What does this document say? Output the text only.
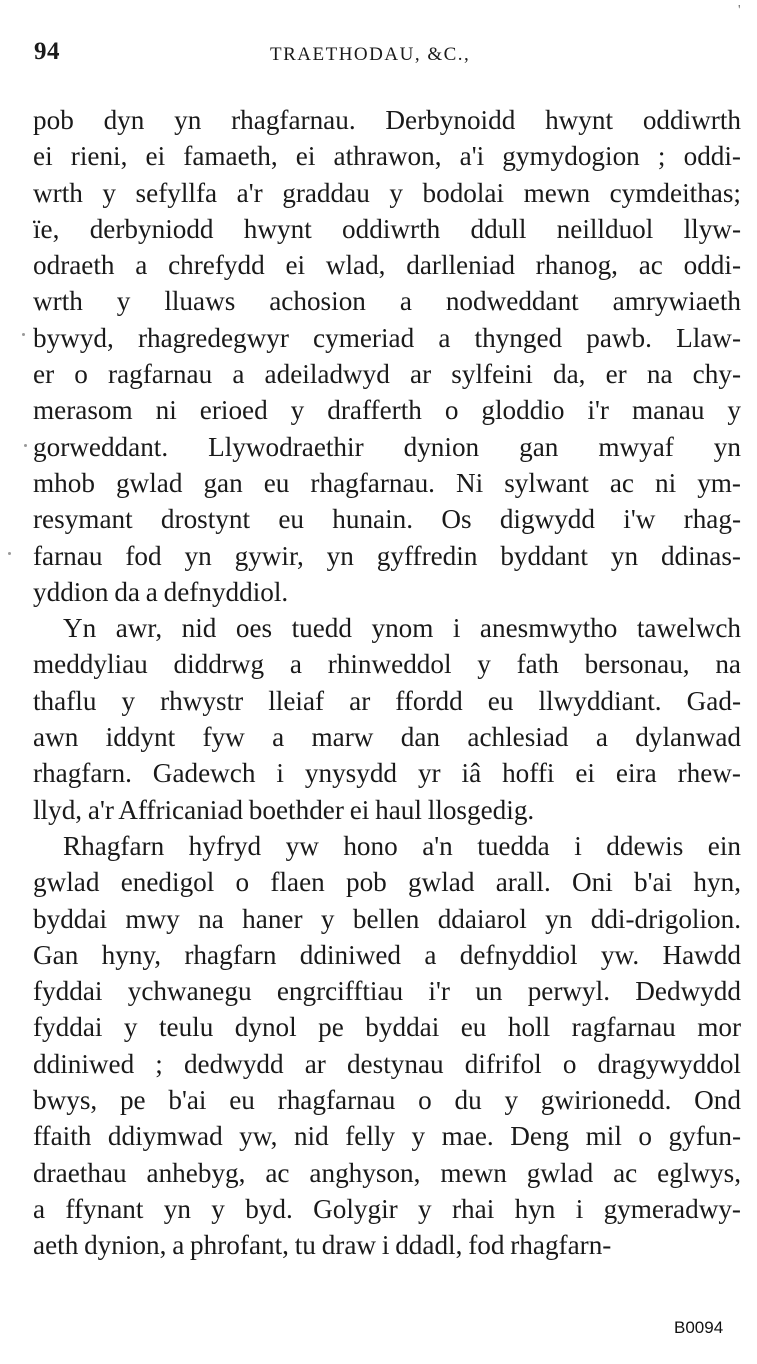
'
94	TRAETHODAU, &C.,
pob dyn yn rhagfarnau. Derbynoidd hwynt oddiwrth
ei rieni, ei famaeth, ei athrawon, a'i gymydogion ; oddi-
wrth y sefyllfa a'r graddau y bodolai mewn cymdeithas;
ïe, derbyniodd hwynt oddiwrth ddull neillduol llyw-
odraeth a chrefydd ei wlad, darlleniad rhanog, ac oddi-
wrth y lluaws achosion a nodweddant amrywiaeth
bywyd, rhagredegwyr cymeriad a thynged pawb. Llaw-
er o ragfarnau a adeiladwyd ar sylfeini da, er na chy-
merasom ni erioed y drafferth o gloddio i'r manau y
gorweddant. Llywodraethir dynion gan mwyaf yn
mhob gwlad gan eu rhagfarnau. Ni sylwant ac ni ym-
resymant drostynt eu hunain. Os digwydd i'w rhag-
farnau fod yn gywir, yn gyffredin byddant yn ddinas-
yddion da a defnyddiol.
Yn awr, nid oes tuedd ynom i anesmwytho tawelwch
meddyliau diddrwg a rhinweddol y fath bersonau, na
thaflu y rhwystr lleiaf ar ffordd eu llwyddiant. Gad-
awn iddynt fyw a marw dan achlesiad a dylanwad
rhagfarn. Gadewch i ynysydd yr iâ hoffi ei eira rhew-
llyd, a'r Affricaniad boethder ei haul llosgedig.
Rhagfarn hyfryd yw hono a'n tuedda i ddewis ein
gwlad enedigol o flaen pob gwlad arall. Oni b'ai hyn,
byddai mwy na haner y bellen ddaiarol yn ddi-drigolion.
Gan hyny, rhagfarn ddiniwed a defnyddiol yw. Hawdd
fyddai ychwanegu engrcifftiau i'r un perwyl. Dedwydd
fyddai y teulu dynol pe byddai eu holl ragfarnau mor
ddiniwed ; dedwydd ar destynau difrifol o dragywyddol
bwys, pe b'ai eu rhagfarnau o du y gwirionedd. Ond
ffaith ddiymwad yw, nid felly y mae. Deng mil o gyfun-
draethau anhebyg, ac anghyson, mewn gwlad ac eglwys,
a ffynant yn y byd. Golygir y rhai hyn i gymeradwy-
aeth dynion, a phrofant, tu draw i ddadl, fod rhagfarn-
B0094
